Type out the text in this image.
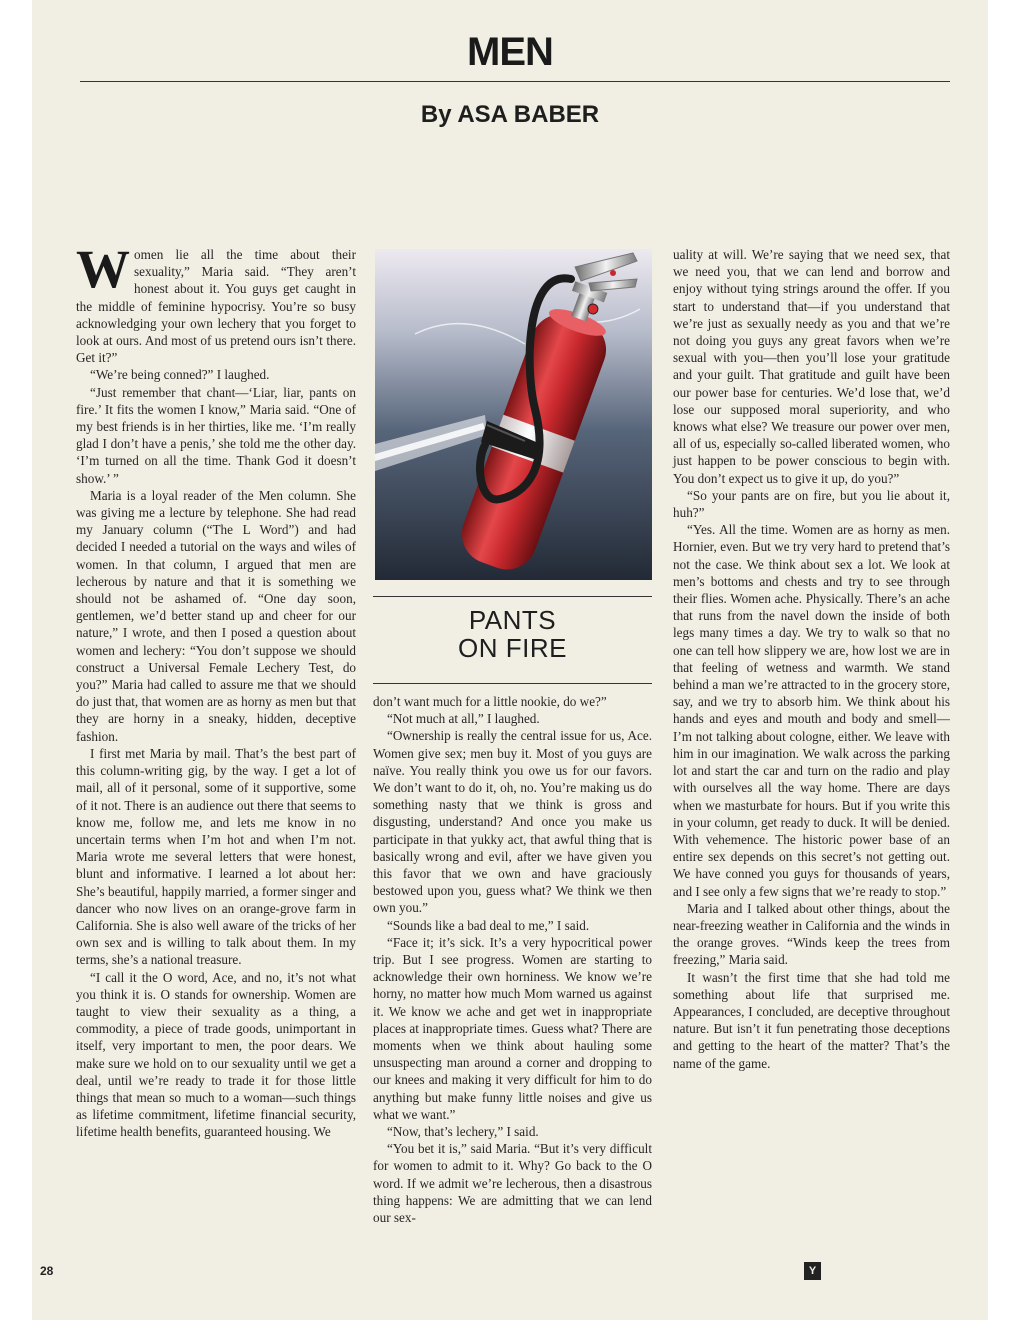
MEN
By ASA BABER

Women lie all the time about their sexuality,” Maria said. “They aren’t honest about it. You guys get caught in the middle of feminine hypocrisy. You’re so busy acknowledging your own lechery that you forget to look at ours. And most of us pretend ours isn’t there. Get it?”

“We’re being conned?” I laughed.

“Just remember that chant—‘Liar, liar, pants on fire.’ It fits the women I know,” Maria said. “One of my best friends is in her thirties, like me. ‘I’m really glad I don’t have a penis,’ she told me the other day. ‘I’m turned on all the time. Thank God it doesn’t show.’ ”

Maria is a loyal reader of the Men column. She was giving me a lecture by telephone. She had read my January column (“The L Word”) and had decided I needed a tutorial on the ways and wiles of women. In that column, I argued that men are lecherous by nature and that it is something we should not be ashamed of. “One day soon, gentlemen, we’d better stand up and cheer for our nature,” I wrote, and then I posed a question about women and lechery: “You don’t suppose we should construct a Universal Female Lechery Test, do you?” Maria had called to assure me that we should do just that, that women are as horny as men but that they are horny in a sneaky, hidden, deceptive fashion.

I first met Maria by mail. That’s the best part of this column-writing gig, by the way. I get a lot of mail, all of it personal, some of it supportive, some of it not. There is an audience out there that seems to know me, follow me, and lets me know in no uncertain terms when I’m hot and when I’m not. Maria wrote me several letters that were honest, blunt and informative. I learned a lot about her: She’s beautiful, happily married, a former singer and dancer who now lives on an orange-grove farm in California. She is also well aware of the tricks of her own sex and is willing to talk about them. In my terms, she’s a national treasure.

“I call it the O word, Ace, and no, it’s not what you think it is. O stands for ownership. Women are taught to view their sexuality as a thing, a commodity, a piece of trade goods, unimportant in itself, very important to men, the poor dears. We make sure we hold on to our sexuality until we get a deal, until we’re ready to trade it for those little things that mean so much to a woman—such things as lifetime commitment, lifetime financial security, lifetime health benefits, guaranteed housing. We

PANTS
ON FIRE

don’t want much for a little nookie, do we?”

“Not much at all,” I laughed.

“Ownership is really the central issue for us, Ace. Women give sex; men buy it. Most of you guys are naïve. You really think you owe us for our favors. We don’t want to do it, oh, no. You’re making us do something nasty that we think is gross and disgusting, understand? And once you make us participate in that yukky act, that awful thing that is basically wrong and evil, after we have given you this favor that we own and have graciously bestowed upon you, guess what? We think we then own you.”

“Sounds like a bad deal to me,” I said.

“Face it; it’s sick. It’s a very hypocritical power trip. But I see progress. Women are starting to acknowledge their own horniness. We know we’re horny, no matter how much Mom warned us against it. We know we ache and get wet in inappropriate places at inappropriate times. Guess what? There are moments when we think about hauling some unsuspecting man around a corner and dropping to our knees and making it very difficult for him to do anything but make funny little noises and give us what we want.”

“Now, that’s lechery,” I said.

“You bet it is,” said Maria. “But it’s very difficult for women to admit to it. Why? Go back to the O word. If we admit we’re lecherous, then a disastrous thing happens: We are admitting that we can lend our sex-

uality at will. We’re saying that we need sex, that we need you, that we can lend and borrow and enjoy without tying strings around the offer. If you start to understand that—if you understand that we’re just as sexually needy as you and that we’re not doing you guys any great favors when we’re sexual with you—then you’ll lose your gratitude and your guilt. That gratitude and guilt have been our power base for centuries. We’d lose that, we’d lose our supposed moral superiority, and who knows what else? We treasure our power over men, all of us, especially so-called liberated women, who just happen to be power conscious to begin with. You don’t expect us to give it up, do you?”

“So your pants are on fire, but you lie about it, huh?”

“Yes. All the time. Women are as horny as men. Hornier, even. But we try very hard to pretend that’s not the case. We think about sex a lot. We look at men’s bottoms and chests and try to see through their flies. Women ache. Physically. There’s an ache that runs from the navel down the inside of both legs many times a day. We try to walk so that no one can tell how slippery we are, how lost we are in that feeling of wetness and warmth. We stand behind a man we’re attracted to in the grocery store, say, and we try to absorb him. We think about his hands and eyes and mouth and body and smell—I’m not talking about cologne, either. We leave with him in our imagination. We walk across the parking lot and start the car and turn on the radio and play with ourselves all the way home. There are days when we masturbate for hours. But if you write this in your column, get ready to duck. It will be denied. With vehemence. The historic power base of an entire sex depends on this secret’s not getting out. We have conned you guys for thousands of years, and I see only a few signs that we’re ready to stop.”

Maria and I talked about other things, about the near-freezing weather in California and the winds in the orange groves. “Winds keep the trees from freezing,” Maria said.

It wasn’t the first time that she had told me something about life that surprised me. Appearances, I concluded, are deceptive throughout nature. But isn’t it fun penetrating those deceptions and getting to the heart of the matter? That’s the name of the game.

28	Y
